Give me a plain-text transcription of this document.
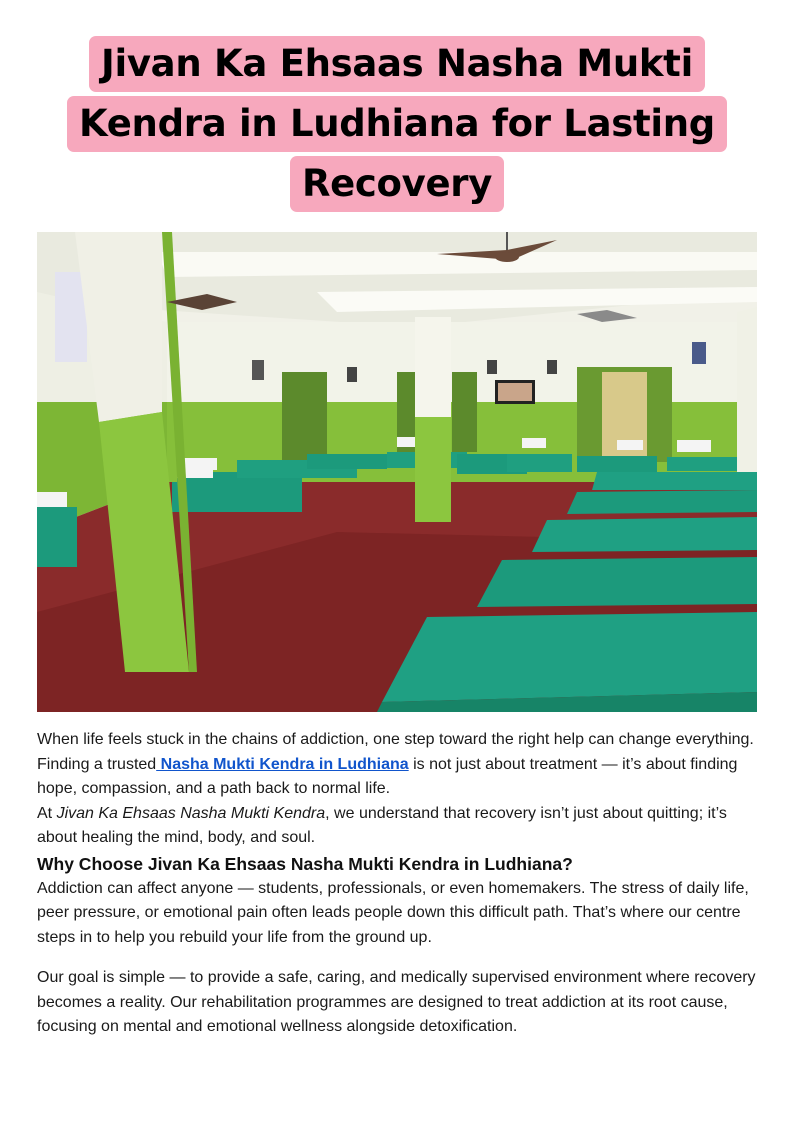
Jivan Ka Ehsaas Nasha Mukti
Kendra in Ludhiana for Lasting
Recovery

When life feels stuck in the chains of addiction, one step toward the right help can change everything. Finding a trusted Nasha Mukti Kendra in Ludhiana is not just about treatment — it’s about finding hope, compassion, and a path back to normal life.
At Jivan Ka Ehsaas Nasha Mukti Kendra, we understand that recovery isn’t just about quitting; it’s about healing the mind, body, and soul.

Why Choose Jivan Ka Ehsaas Nasha Mukti Kendra in Ludhiana?

Addiction can affect anyone — students, professionals, or even homemakers. The stress of daily life, peer pressure, or emotional pain often leads people down this difficult path. That’s where our centre steps in to help you rebuild your life from the ground up.

Our goal is simple — to provide a safe, caring, and medically supervised environment where recovery becomes a reality. Our rehabilitation programmes are designed to treat addiction at its root cause, focusing on mental and emotional wellness alongside detoxification.
